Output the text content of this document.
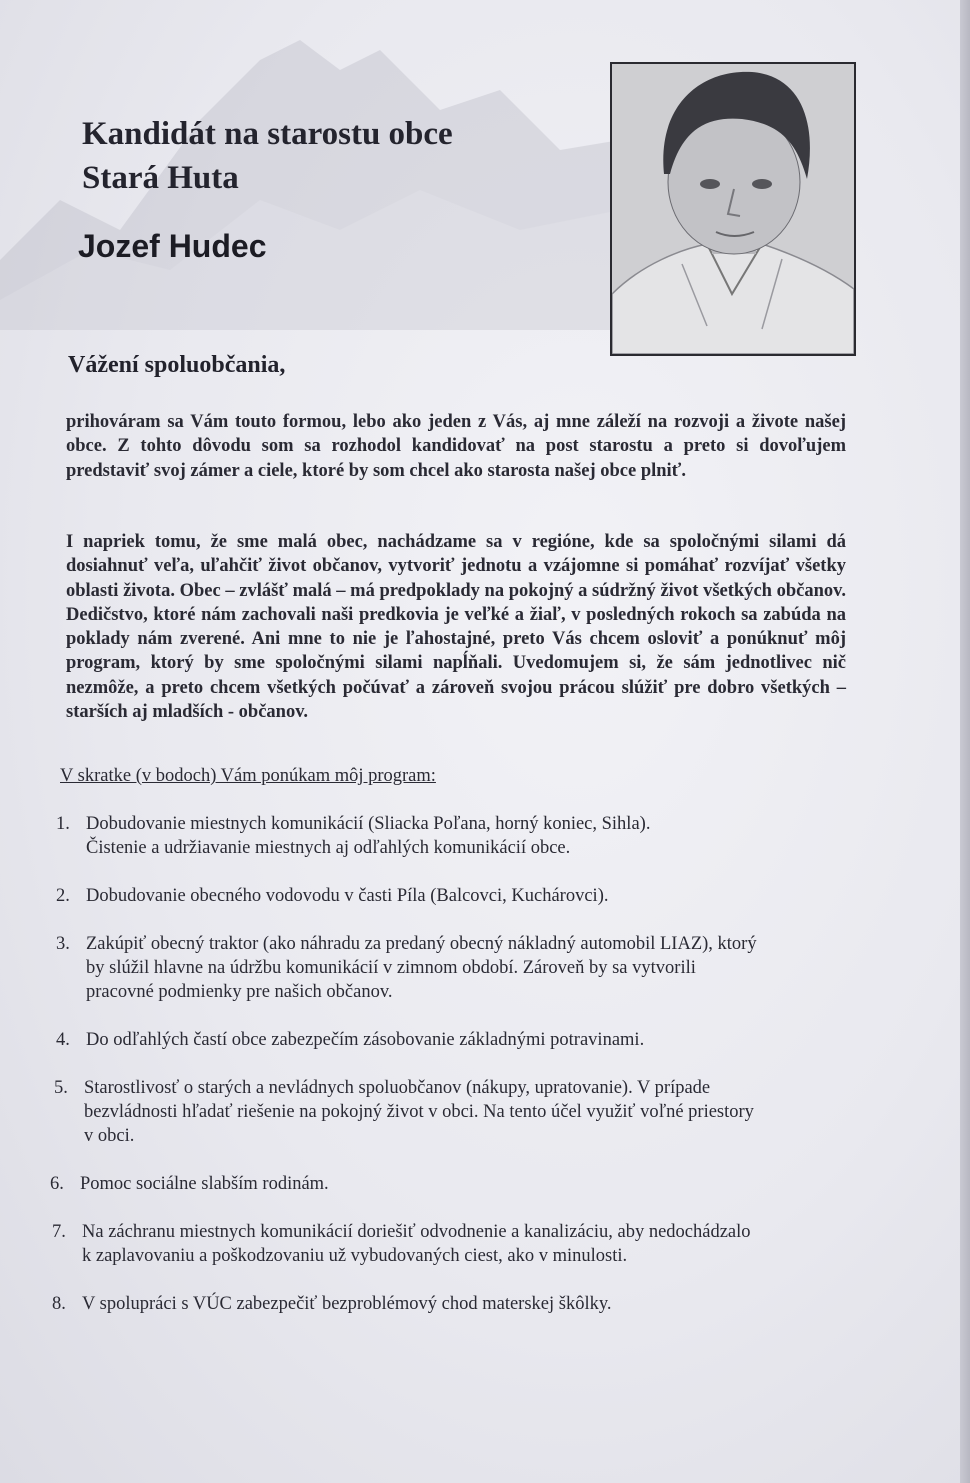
Kandidát na starostu obce
Stará Huta
Jozef Hudec
Vážení spoluobčania,

prihováram sa Vám touto formou, lebo ako jeden z Vás, aj mne záleží na rozvoji a živote našej obce. Z tohto dôvodu som sa rozhodol kandidovať na post starostu a preto si dovoľujem predstaviť svoj zámer a ciele, ktoré by som chcel ako starosta našej obce plniť.

I napriek tomu, že sme malá obec, nachádzame sa v regióne, kde sa spoločnými silami dá dosiahnuť veľa, uľahčiť život občanov, vytvoriť jednotu a vzájomne si pomáhať rozvíjať všetky oblasti života. Obec – zvlášť malá – má predpoklady na pokojný a súdržný život všetkých občanov. Dedičstvo, ktoré nám zachovali naši predkovia je veľké a žiaľ, v posledných rokoch sa zabúda na poklady nám zverené. Ani mne to nie je ľahostajné, preto Vás chcem osloviť a ponúknuť môj program, ktorý by sme spoločnými silami napĺňali. Uvedomujem si, že sám jednotlivec nič nezmôže, a preto chcem všetkých počúvať a zároveň svojou prácou slúžiť pre dobro všetkých – starších aj mladších - občanov.

V skratke (v bodoch) Vám ponúkam môj program:

1. Dobudovanie miestnych komunikácií (Sliacka Poľana, horný koniec, Sihla).
Čistenie a udržiavanie miestnych aj odľahlých komunikácií obce.
2. Dobudovanie obecného vodovodu v časti Píla (Balcovci, Kuchárovci).
3. Zakúpiť obecný traktor (ako náhradu za predaný obecný nákladný automobil LIAZ), ktorý
by slúžil hlavne na údržbu komunikácií v zimnom období. Zároveň by sa vytvorili
pracovné podmienky pre našich občanov.
4. Do odľahlých častí obce zabezpečím zásobovanie základnými potravinami.
5. Starostlivosť o starých a nevládnych spoluobčanov (nákupy, upratovanie). V prípade
bezvládnosti hľadať riešenie na pokojný život v obci. Na tento účel využiť voľné priestory
v obci.
6. Pomoc sociálne slabším rodinám.
7. Na záchranu miestnych komunikácií doriešiť odvodnenie a kanalizáciu, aby nedochádzalo
k zaplavovaniu a poškodzovaniu už vybudovaných ciest, ako v minulosti.
8. V spolupráci s VÚC zabezpečiť bezproblémový chod materskej škôlky.
